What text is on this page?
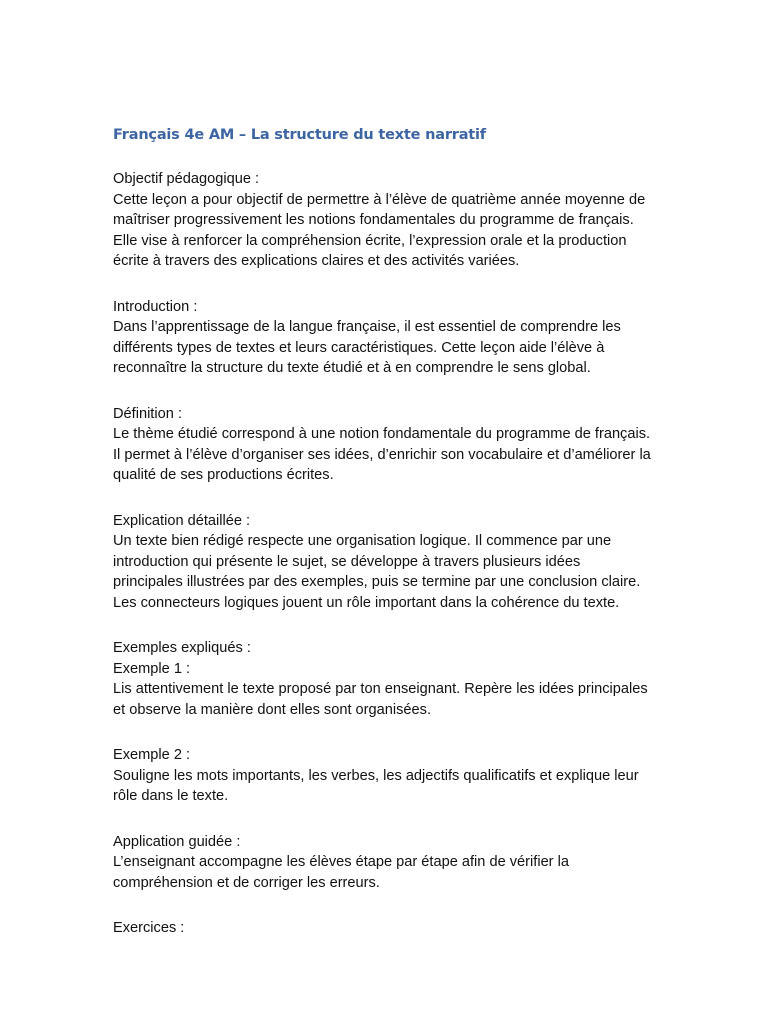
Français 4e AM – La structure du texte narratif

Objectif pédagogique :

Cette leçon a pour objectif de permettre à l’élève de quatrième année moyenne de maîtriser progressivement les notions fondamentales du programme de français. Elle vise à renforcer la compréhension écrite, l’expression orale et la production écrite à travers des explications claires et des activités variées.

Introduction :

Dans l’apprentissage de la langue française, il est essentiel de comprendre les différents types de textes et leurs caractéristiques. Cette leçon aide l’élève à reconnaître la structure du texte étudié et à en comprendre le sens global.

Définition :

Le thème étudié correspond à une notion fondamentale du programme de français. Il permet à l’élève d’organiser ses idées, d’enrichir son vocabulaire et d’améliorer la qualité de ses productions écrites.

Explication détaillée :

Un texte bien rédigé respecte une organisation logique. Il commence par une introduction qui présente le sujet, se développe à travers plusieurs idées principales illustrées par des exemples, puis se termine par une conclusion claire. Les connecteurs logiques jouent un rôle important dans la cohérence du texte.

Exemples expliqués :

Exemple 1 :

Lis attentivement le texte proposé par ton enseignant. Repère les idées principales et observe la manière dont elles sont organisées.

Exemple 2 :

Souligne les mots importants, les verbes, les adjectifs qualificatifs et explique leur rôle dans le texte.

Application guidée :

L’enseignant accompagne les élèves étape par étape afin de vérifier la compréhension et de corriger les erreurs.

Exercices :
